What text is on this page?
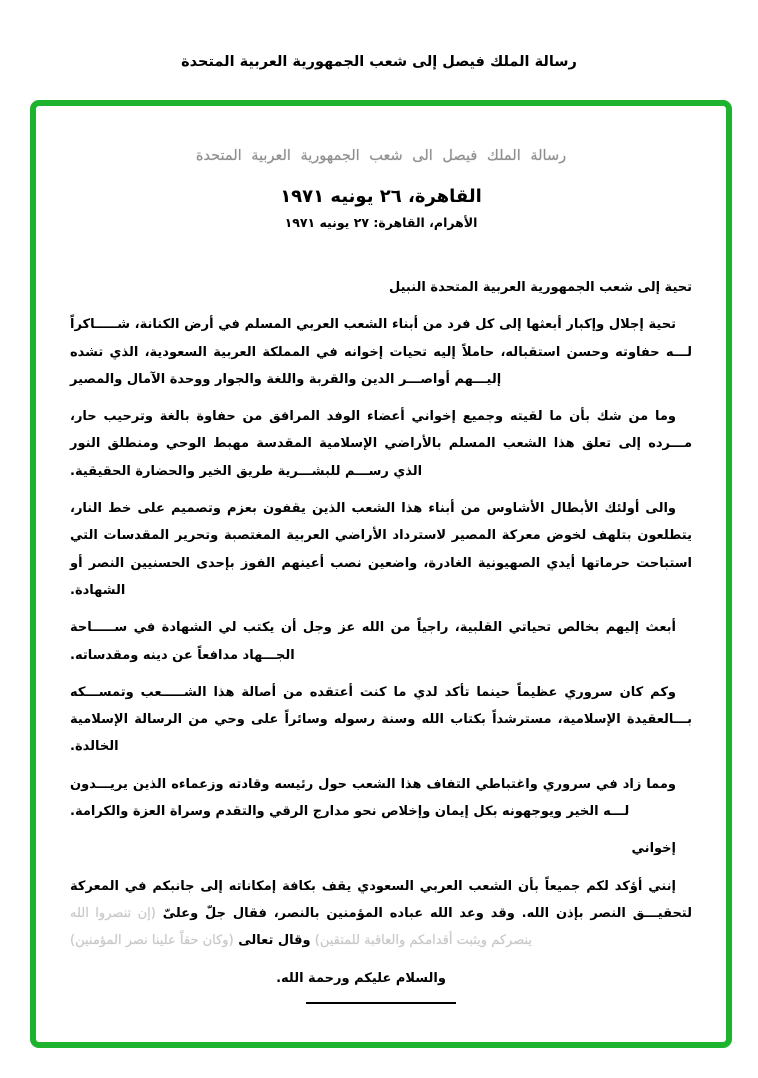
رسالة الملك فيصل إلى شعب الجمهورية العربية المتحدة
رسالة الملك فيصل الى شعب الجمهورية العربية المتحدة
القاهرة، ٢٦ يونيه ١٩٧١
الأهرام، القاهرة: ٢٧ يونيه ١٩٧١

تحية إلى شعب الجمهورية العربية المتحدة النبيل

تحية إجلال وإكبار أبعثها إلى كل فرد من أبناء الشعب العربي المسلم في أرض الكنانة، شـــــاكراً لـــه حفاوته وحسن استقباله، حاملاً إليه تحيات إخوانه في المملكة العربية السعودية، الذي تشده إليـــهم أواصـــر الدين والقربة واللغة والجوار ووحدة الآمال والمصير

وما من شك بأن ما لقيته وجميع إخواني أعضاء الوفد المرافق من حفاوة بالغة وترحيب حار، مـــرده إلى تعلق هذا الشعب المسلم بالأراضي الإسلامية المقدسة مهبط الوحي ومنطلق النور الذي رســـم للبشـــرية طريق الخير والحضارة الحقيقية.

والى أولئك الأبطال الأشاوس من أبناء هذا الشعب الذين يقفون بعزم وتصميم على خط النار، يتطلعون بتلهف لخوض معركة المصير لاسترداد الأراضي العربية المغتصبة وتحرير المقدسات التي استباحت حرماتها أيدي الصهيونية الغادرة، واضعين نصب أعينهم الفوز بإحدى الحسنيين النصر أو الشهادة.

أبعث إليهم بخالص تحياتي القلبية، راجياً من الله عز وجل أن يكتب لي الشهادة في ســـــاحة الجـــهاد مدافعاً عن دينه ومقدساته.

وكم كان سروري عظيماً حينما تأكد لدي ما كنت أعتقده من أصالة هذا الشـــــعب وتمســـكه بـــالعقيدة الإسلامية، مسترشداً بكتاب الله وسنة رسوله وسائراً على وحي من الرسالة الإسلامية الخالدة.

ومما زاد في سروري واغتباطي التفاف هذا الشعب حول رئيسه وقادته وزعماءه الذين يريـــدون لـــه الخير ويوجهونه بكل إيمان وإخلاص نحو مدارج الرقي والتقدم وسراة العزة والكرامة.

إخواني

إنني أؤكد لكم جميعاً بأن الشعب العربي السعودي يقف بكافة إمكاناته إلى جانبكم في المعركة لتحقيـــق النصر بإذن الله. وقد وعد الله عباده المؤمنين بالنصر، فقال جلّ وعلىّ (إن تنصروا الله ينصركم ويثبت أقدامكم والعاقبة للمتقين) وقال تعالى (وكان حقاً علينا نصر المؤمنين)

والسلام عليكم ورحمة الله.
